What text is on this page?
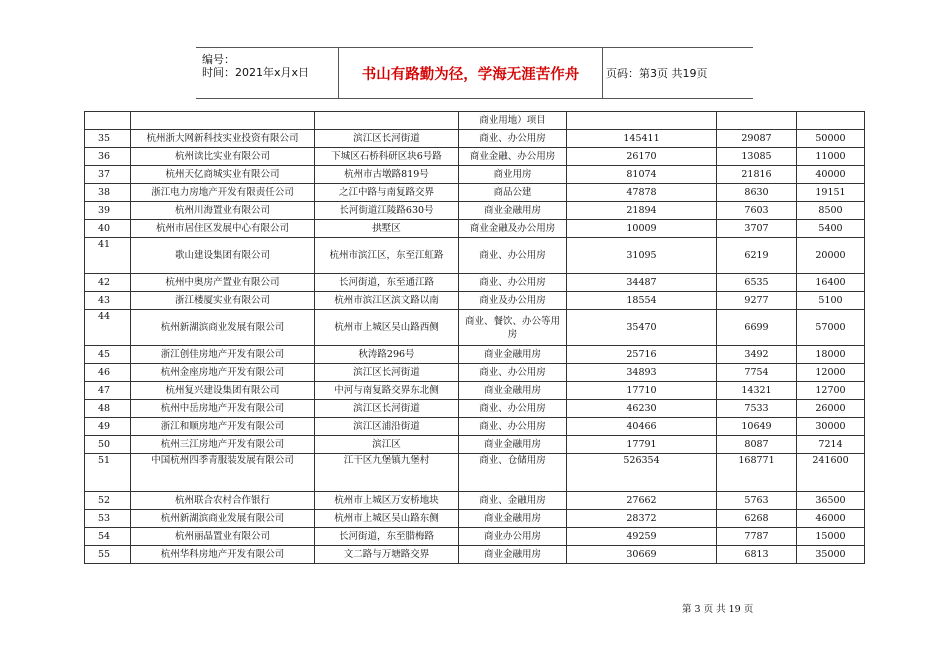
编号：
时间：2021年x月x日	书山有路勤为径，学海无涯苦作舟	页码：第3页 共19页
			商业用地）项目			
35	杭州浙大网新科技实业投资有限公司	滨江区长河街道	商业、办公用房	145411	29087	50000
36	杭州读比实业有限公司	下城区石桥科研区块6号路	商业金融、办公用房	26170	13085	11000
37	杭州天亿商城实业有限公司	杭州市古墩路819号	商业用房	81074	21816	40000
38	浙江电力房地产开发有限责任公司	之江中路与南复路交界	商品公建	47878	8630	19151
39	杭州川海置业有限公司	长河街道江陵路630号	商业金融用房	21894	7603	8500
40	杭州市居住区发展中心有限公司	拱墅区	商业金融及办公用房	10009	3707	5400
41	歌山建设集团有限公司	杭州市滨江区，东至江虹路	商业、办公用房	31095	6219	20000
42	杭州中奥房产置业有限公司	长河街道，东至通江路	商业、办公用房	34487	6535	16400
43	浙江楼厦实业有限公司	杭州市滨江区滨文路以南	商业及办公用房	18554	9277	5100
44	杭州新湖滨商业发展有限公司	杭州市上城区吴山路西侧	商业、餐饮、办公等用房	35470	6699	57000
45	浙江创佳房地产开发有限公司	秋涛路296号	商业金融用房	25716	3492	18000
46	杭州金座房地产开发有限公司	滨江区长河街道	商业、办公用房	34893	7754	12000
47	杭州复兴建设集团有限公司	中河与南复路交界东北侧	商业金融用房	17710	14321	12700
48	杭州中岳房地产开发有限公司	滨江区长河街道	商业、办公用房	46230	7533	26000
49	浙江和顺房地产开发有限公司	滨江区浦沿街道	商业、办公用房	40466	10649	30000
50	杭州三江房地产开发有限公司	滨江区	商业金融用房	17791	8087	7214
51	中国杭州四季青服装发展有限公司	江干区九堡镇九堡村	商业、仓储用房	526354	168771	241600
52	杭州联合农村合作银行	杭州市上城区万安桥地块	商业、金融用房	27662	5763	36500
53	杭州新湖滨商业发展有限公司	杭州市上城区吴山路东侧	商业金融用房	28372	6268	46000
54	杭州丽晶置业有限公司	长河街道，东至腊梅路	商业办公用房	49259	7787	15000
55	杭州华科房地产开发有限公司	文二路与万塘路交界	商业金融用房	30669	6813	35000
第 3 页 共 19 页
